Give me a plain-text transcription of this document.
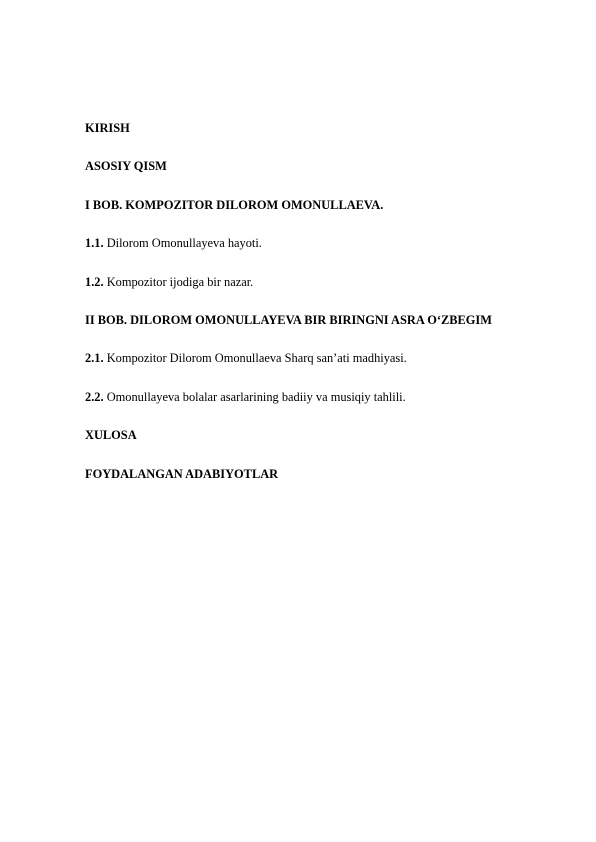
KIRISH
ASOSIY QISM
I BOB. KOMPOZITOR DILOROM OMONULLAEVA.
1.1. Dilorom Omonullayeva hayoti.
1.2. Kompozitor ijodiga bir nazar.
II BOB. DILOROM OMONULLAYEVA BIR BIRINGNI ASRA O‘ZBEGIM
2.1. Kompozitor Dilorom Omonullaeva Sharq san’ati madhiyasi.
2.2. Omonullayeva bolalar asarlarining badiiy va musiqiy tahlili.
XULOSA
FOYDALANGAN ADABIYOTLAR
